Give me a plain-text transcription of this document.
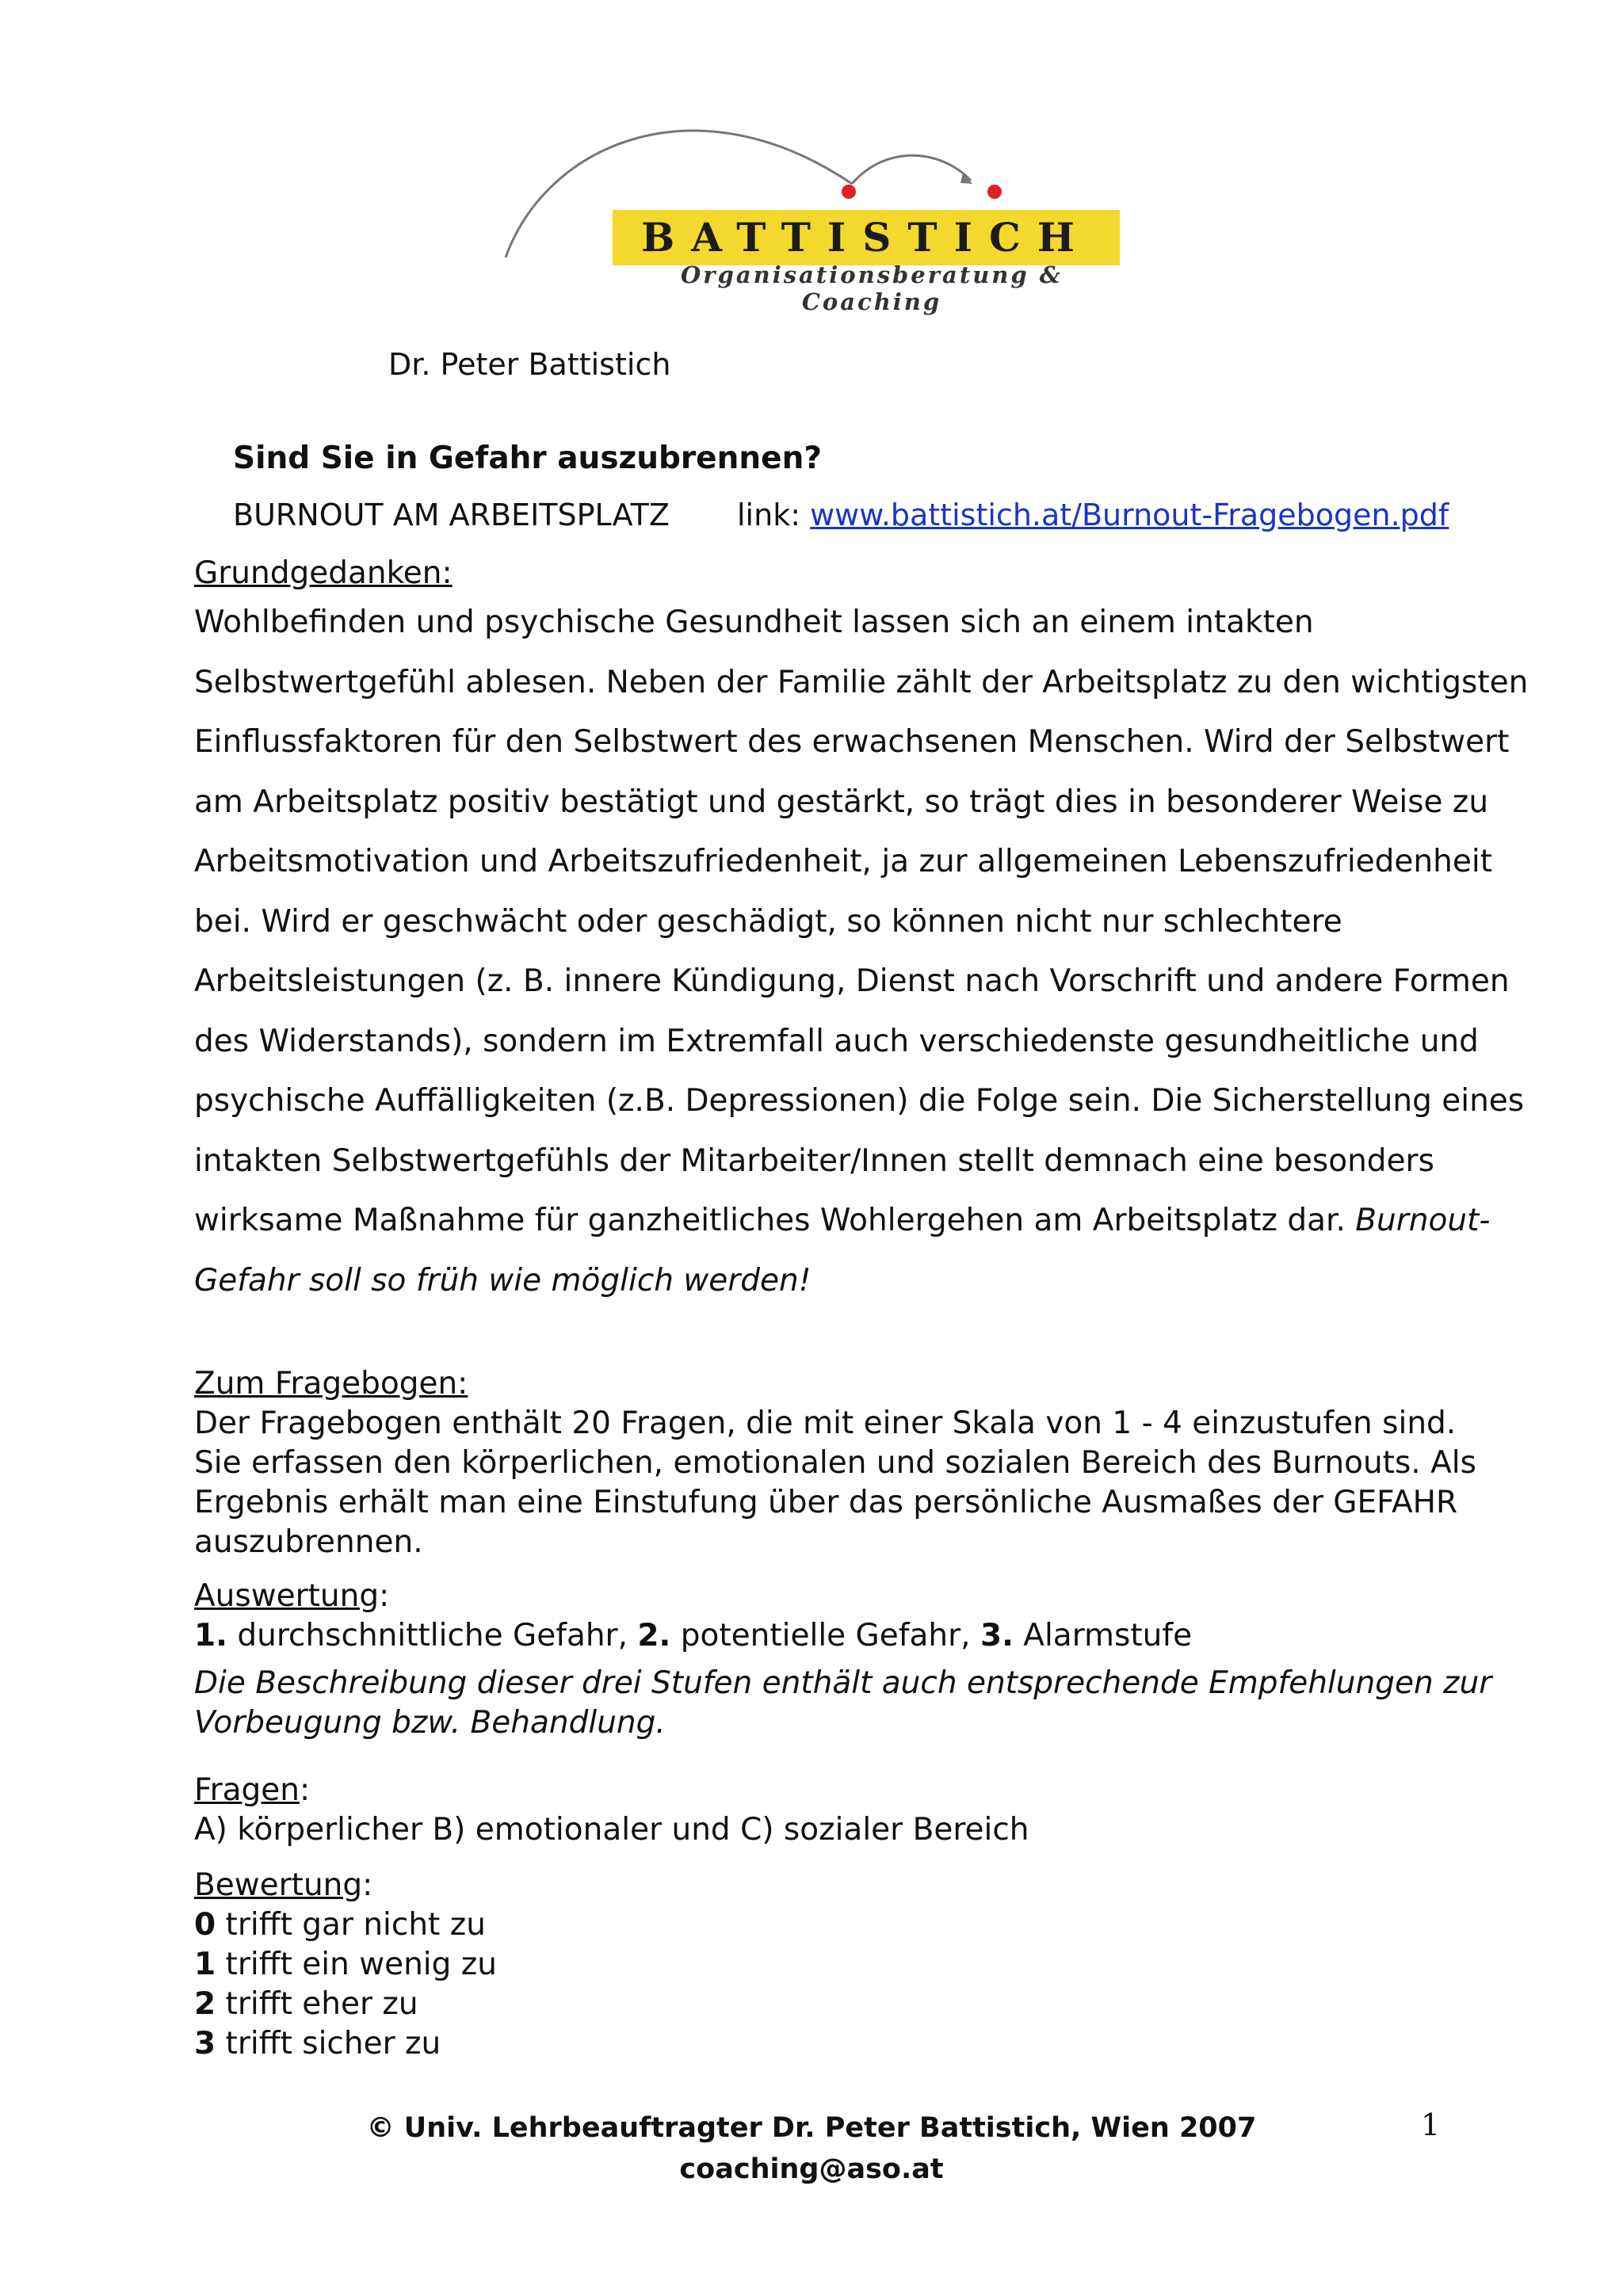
BATTISTICH
Organisationsberatung & Coaching
Dr. Peter Battistich
Sind Sie in Gefahr auszubrennen?
BURNOUT AM ARBEITSPLATZ link: www.battistich.at/Burnout-Fragebogen.pdf
Grundgedanken:
Wohlbefinden und psychische Gesundheit lassen sich an einem intakten
Selbstwertgefühl ablesen. Neben der Familie zählt der Arbeitsplatz zu den wichtigsten
Einflussfaktoren für den Selbstwert des erwachsenen Menschen. Wird der Selbstwert
am Arbeitsplatz positiv bestätigt und gestärkt, so trägt dies in besonderer Weise zu
Arbeitsmotivation und Arbeitszufriedenheit, ja zur allgemeinen Lebenszufriedenheit
bei. Wird er geschwächt oder geschädigt, so können nicht nur schlechtere
Arbeitsleistungen (z. B. innere Kündigung, Dienst nach Vorschrift und andere Formen
des Widerstands), sondern im Extremfall auch verschiedenste gesundheitliche und
psychische Auffälligkeiten (z.B. Depressionen) die Folge sein. Die Sicherstellung eines
intakten Selbstwertgefühls der Mitarbeiter/Innen stellt demnach eine besonders
wirksame Maßnahme für ganzheitliches Wohlergehen am Arbeitsplatz dar. Burnout-
Gefahr soll so früh wie möglich werden!
Zum Fragebogen:
Der Fragebogen enthält 20 Fragen, die mit einer Skala von 1 - 4 einzustufen sind.
Sie erfassen den körperlichen, emotionalen und sozialen Bereich des Burnouts. Als
Ergebnis erhält man eine Einstufung über das persönliche Ausmaßes der GEFAHR
auszubrennen.
Auswertung:
1. durchschnittliche Gefahr, 2. potentielle Gefahr, 3. Alarmstufe
Die Beschreibung dieser drei Stufen enthält auch entsprechende Empfehlungen zur
Vorbeugung bzw. Behandlung.
Fragen:
A) körperlicher B) emotionaler und C) sozialer Bereich
Bewertung:
0 trifft gar nicht zu
1 trifft ein wenig zu
2 trifft eher zu
3 trifft sicher zu
© Univ. Lehrbeauftragter Dr. Peter Battistich, Wien 2007
coaching@aso.at
1
